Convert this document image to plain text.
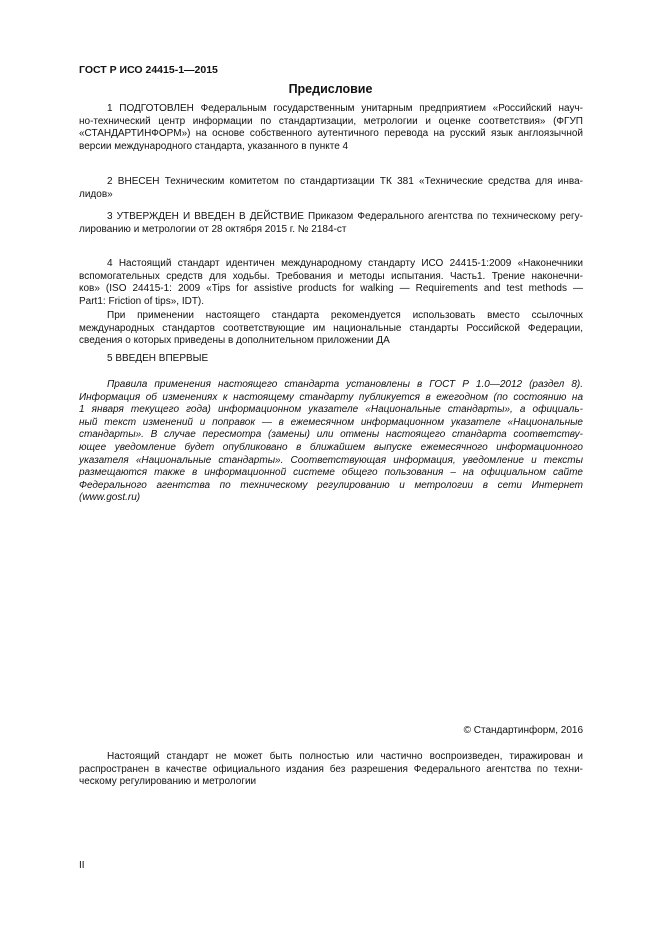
ГОСТ Р ИСО 24415-1—2015
Предисловие
1 ПОДГОТОВЛЕН Федеральным государственным унитарным предприятием «Российский науч-
но-технический центр информации по стандартизации, метрологии и оценке соответствия» (ФГУП
«СТАНДАРТИНФОРМ») на основе собственного аутентичного перевода на русский язык англоязычной
версии международного стандарта, указанного в пункте 4
2 ВНЕСЕН Техническим комитетом по стандартизации ТК 381 «Технические средства для инва-
лидов»
3 УТВЕРЖДЕН И ВВЕДЕН В ДЕЙСТВИЕ Приказом Федерального агентства по техническому регу-
лированию и метрологии от 28 октября 2015 г. № 2184-ст
4 Настоящий стандарт идентичен международному стандарту ИСО 24415-1:2009 «Наконечники
вспомогательных средств для ходьбы. Требования и методы испытания. Часть1. Трение наконечни-
ков» (ISO 24415-1: 2009 «Tips for assistive products for walking — Requirements and test methods —
Part1: Friction of tips», IDT).
При применении настоящего стандарта рекомендуется использовать вместо ссылочных
международных стандартов соответствующие им национальные стандарты Российской Федерации,
сведения о которых приведены в дополнительном приложении ДА
5 ВВЕДЕН ВПЕРВЫЕ
Правила применения настоящего стандарта установлены в ГОСТ Р 1.0—2012 (раздел 8).
Информация об изменениях к настоящему стандарту публикуется в ежегодном (по состоянию на
1 января текущего года) информационном указателе «Национальные стандарты», а официаль-
ный текст изменений и поправок — в ежемесячном информационном указателе «Национальные
стандарты». В случае пересмотра (замены) или отмены настоящего стандарта соответству-
ющее уведомление будет опубликовано в ближайшем выпуске ежемесячного информационного
указателя «Национальные стандарты». Соответствующая информация, уведомление и тексты
размещаются также в информационной системе общего пользования – на официальном сайте
Федерального агентства по техническому регулированию и метрологии в сети Интернет
(www.gost.ru)
© Стандартинформ, 2016
Настоящий стандарт не может быть полностью или частично воспроизведен, тиражирован и
распространен в качестве официального издания без разрешения Федерального агентства по техни-
ческому регулированию и метрологии
II
